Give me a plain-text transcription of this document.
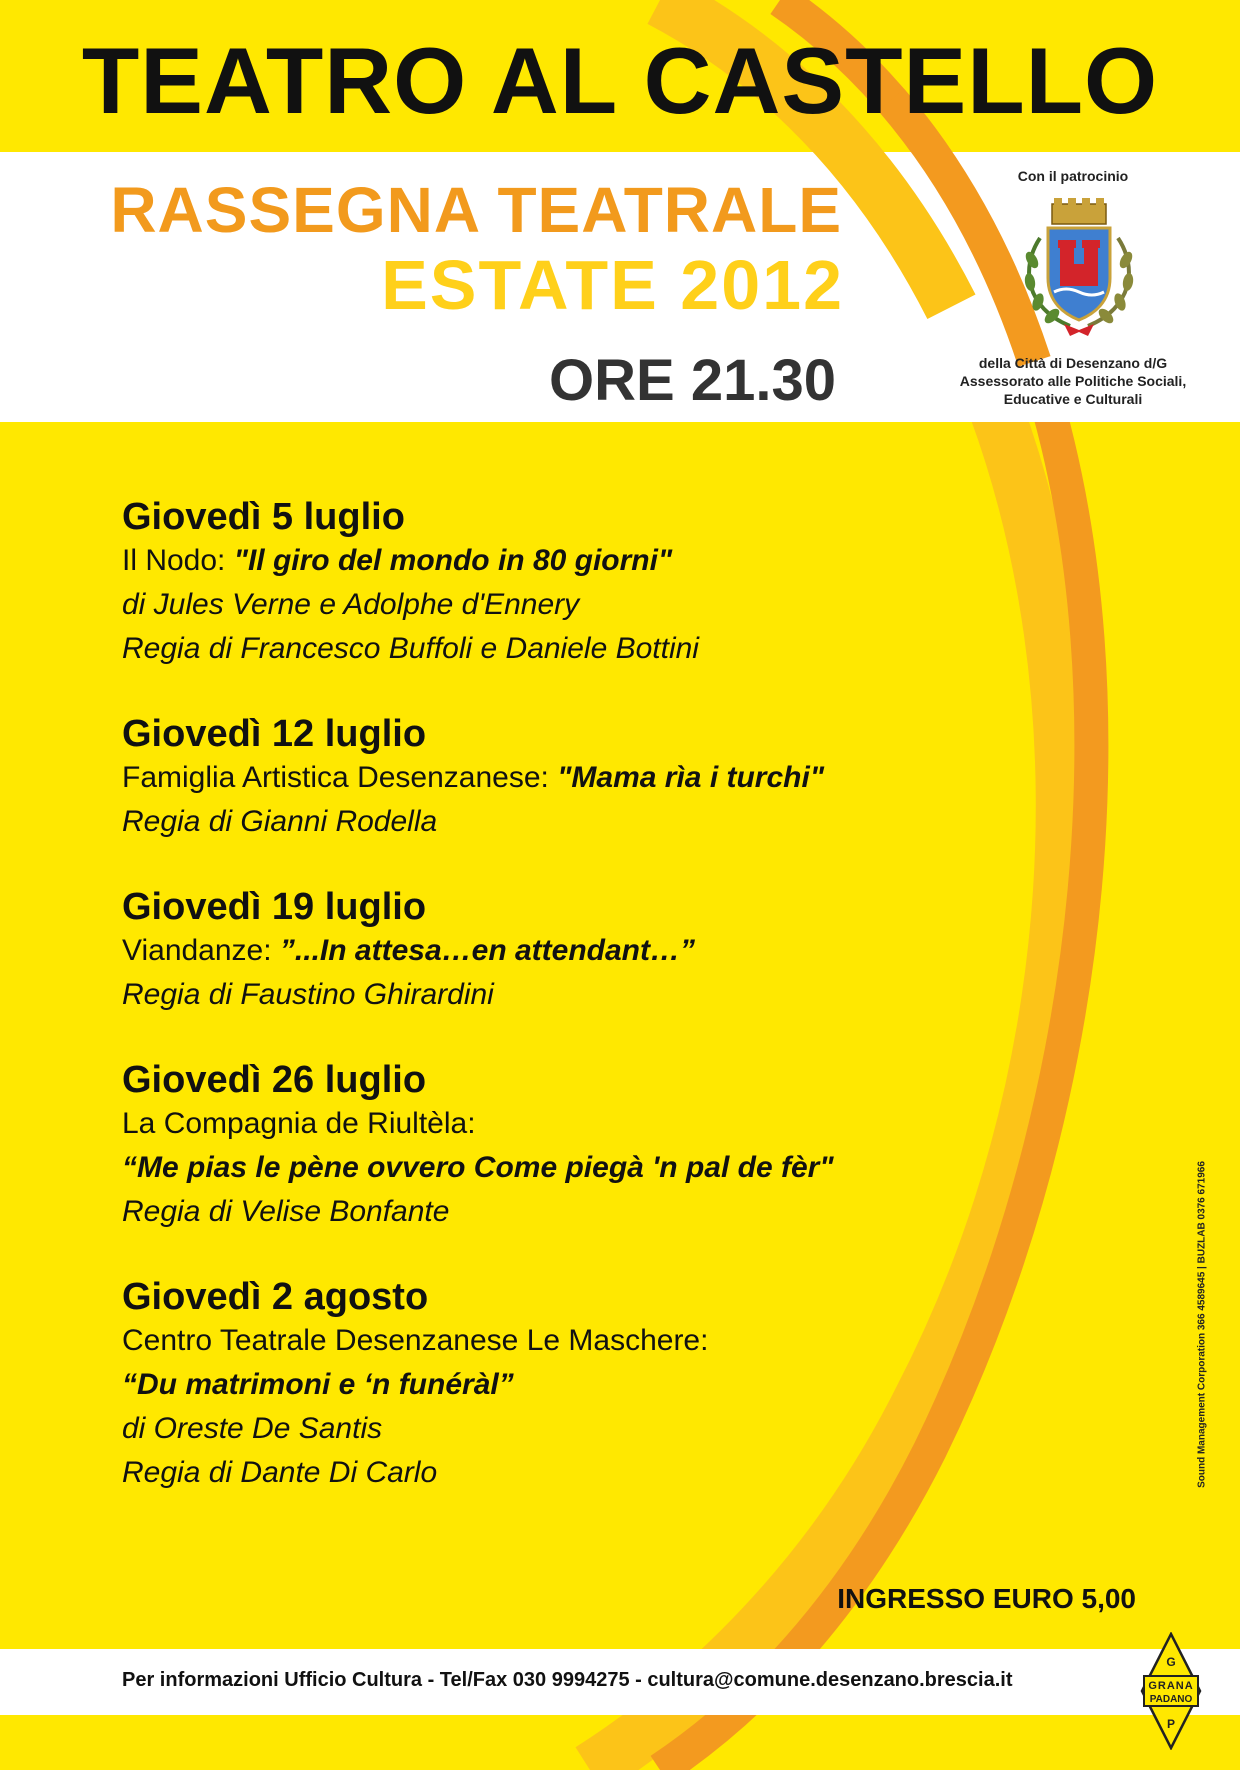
TEATRO AL CASTELLO
RASSEGNA TEATRALE
ESTATE 2012
ORE 21.30
Con il patrocinio
della Città di Desenzano d/G
Assessorato alle Politiche Sociali,
Educative e Culturali
Giovedì 5 luglio
Il Nodo: "Il giro del mondo in 80 giorni"
di Jules Verne e Adolphe d'Ennery
Regia di Francesco Buffoli e Daniele Bottini
Giovedì 12 luglio
Famiglia Artistica Desenzanese: "Mama rìa i turchi"
Regia di Gianni Rodella
Giovedì 19 luglio
Viandanze: ”...In attesa…en attendant…”
Regia di Faustino Ghirardini
Giovedì 26 luglio
La Compagnia de Riultèla:
“Me pias le pène ovvero Come piegà 'n pal de fèr"
Regia di Velise Bonfante
Giovedì 2 agosto
Centro Teatrale Desenzanese Le Maschere:
“Du matrimoni e ‘n funéràl”
di Oreste De Santis
Regia di Dante Di Carlo
INGRESSO EURO 5,00
Per informazioni Ufficio Cultura - Tel/Fax 030 9994275 - cultura@comune.desenzano.brescia.it
Sound Management Corporation 366 4589645 | BUZLAB 0376 671966
G
GRANA
PADANO
P
